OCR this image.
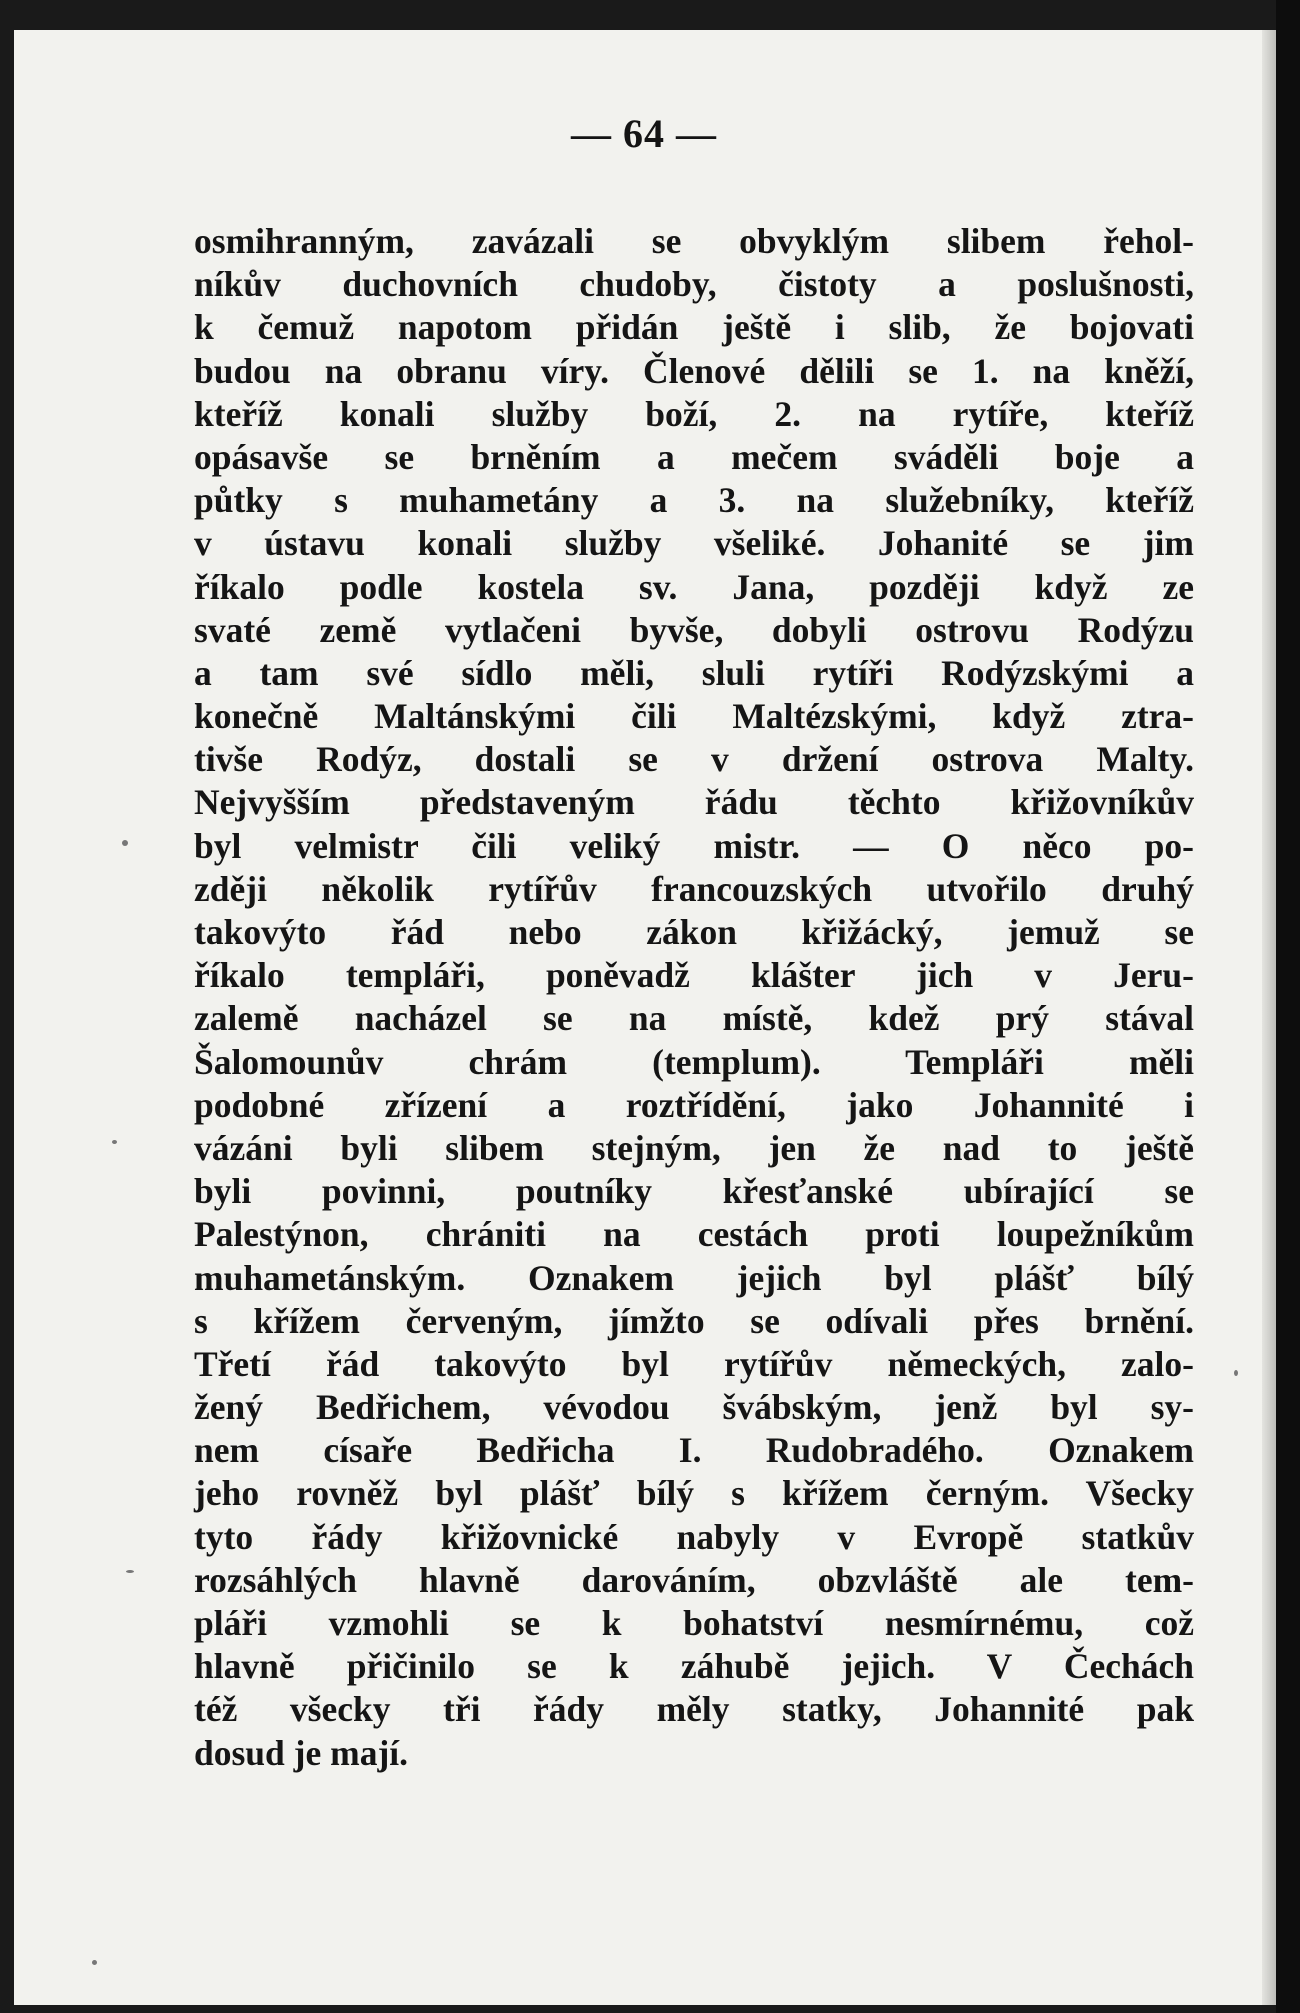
— 64 —
osmihranným, zavázali se obvyklým slibem řehol-
níkův duchovních chudoby, čistoty a poslušnosti,
k čemuž napotom přidán ještě i slib, že bojovati
budou na obranu víry. Členové dělili se 1. na kněží,
kteříž konali služby boží, 2. na rytíře, kteříž
opásavše se brněním a mečem sváděli boje a
půtky s muhametány a 3. na služebníky, kteříž
v ústavu konali služby všeliké. Johanité se jim
říkalo podle kostela sv. Jana, později když ze
svaté země vytlačeni byvše, dobyli ostrovu Rodýzu
a tam své sídlo měli, sluli rytíři Rodýzskými a
konečně Maltánskými čili Maltézskými, když ztra-
tivše Rodýz, dostali se v držení ostrova Malty.
Nejvyšším představeným řádu těchto křižovníkův
byl velmistr čili veliký mistr. — O něco po-
zději několik rytířův francouzských utvořilo druhý
takovýto řád nebo zákon křižácký, jemuž se
říkalo templáři, poněvadž klášter jich v Jeru-
zalemě nacházel se na místě, kdež prý stával
Šalomounův chrám (templum). Templáři měli
podobné zřízení a roztřídění, jako Johannité i
vázáni byli slibem stejným, jen že nad to ještě
byli povinni, poutníky křesťanské ubírající se
Palestýnon, chrániti na cestách proti loupežníkům
muhametánským. Oznakem jejich byl plášť bílý
s křížem červeným, jímžto se odívali přes brnění.
Třetí řád takovýto byl rytířův německých, zalo-
žený Bedřichem, vévodou švábským, jenž byl sy-
nem císaře Bedřicha I. Rudobradého. Oznakem
jeho rovněž byl plášť bílý s křížem černým. Všecky
tyto řády křižovnické nabyly v Evropě statkův
rozsáhlých hlavně darováním, obzvláště ale tem-
pláři vzmohli se k bohatství nesmírnému, což
hlavně přičinilo se k záhubě jejich. V Čechách
též všecky tři řády měly statky, Johannité pak
dosud je mají.
